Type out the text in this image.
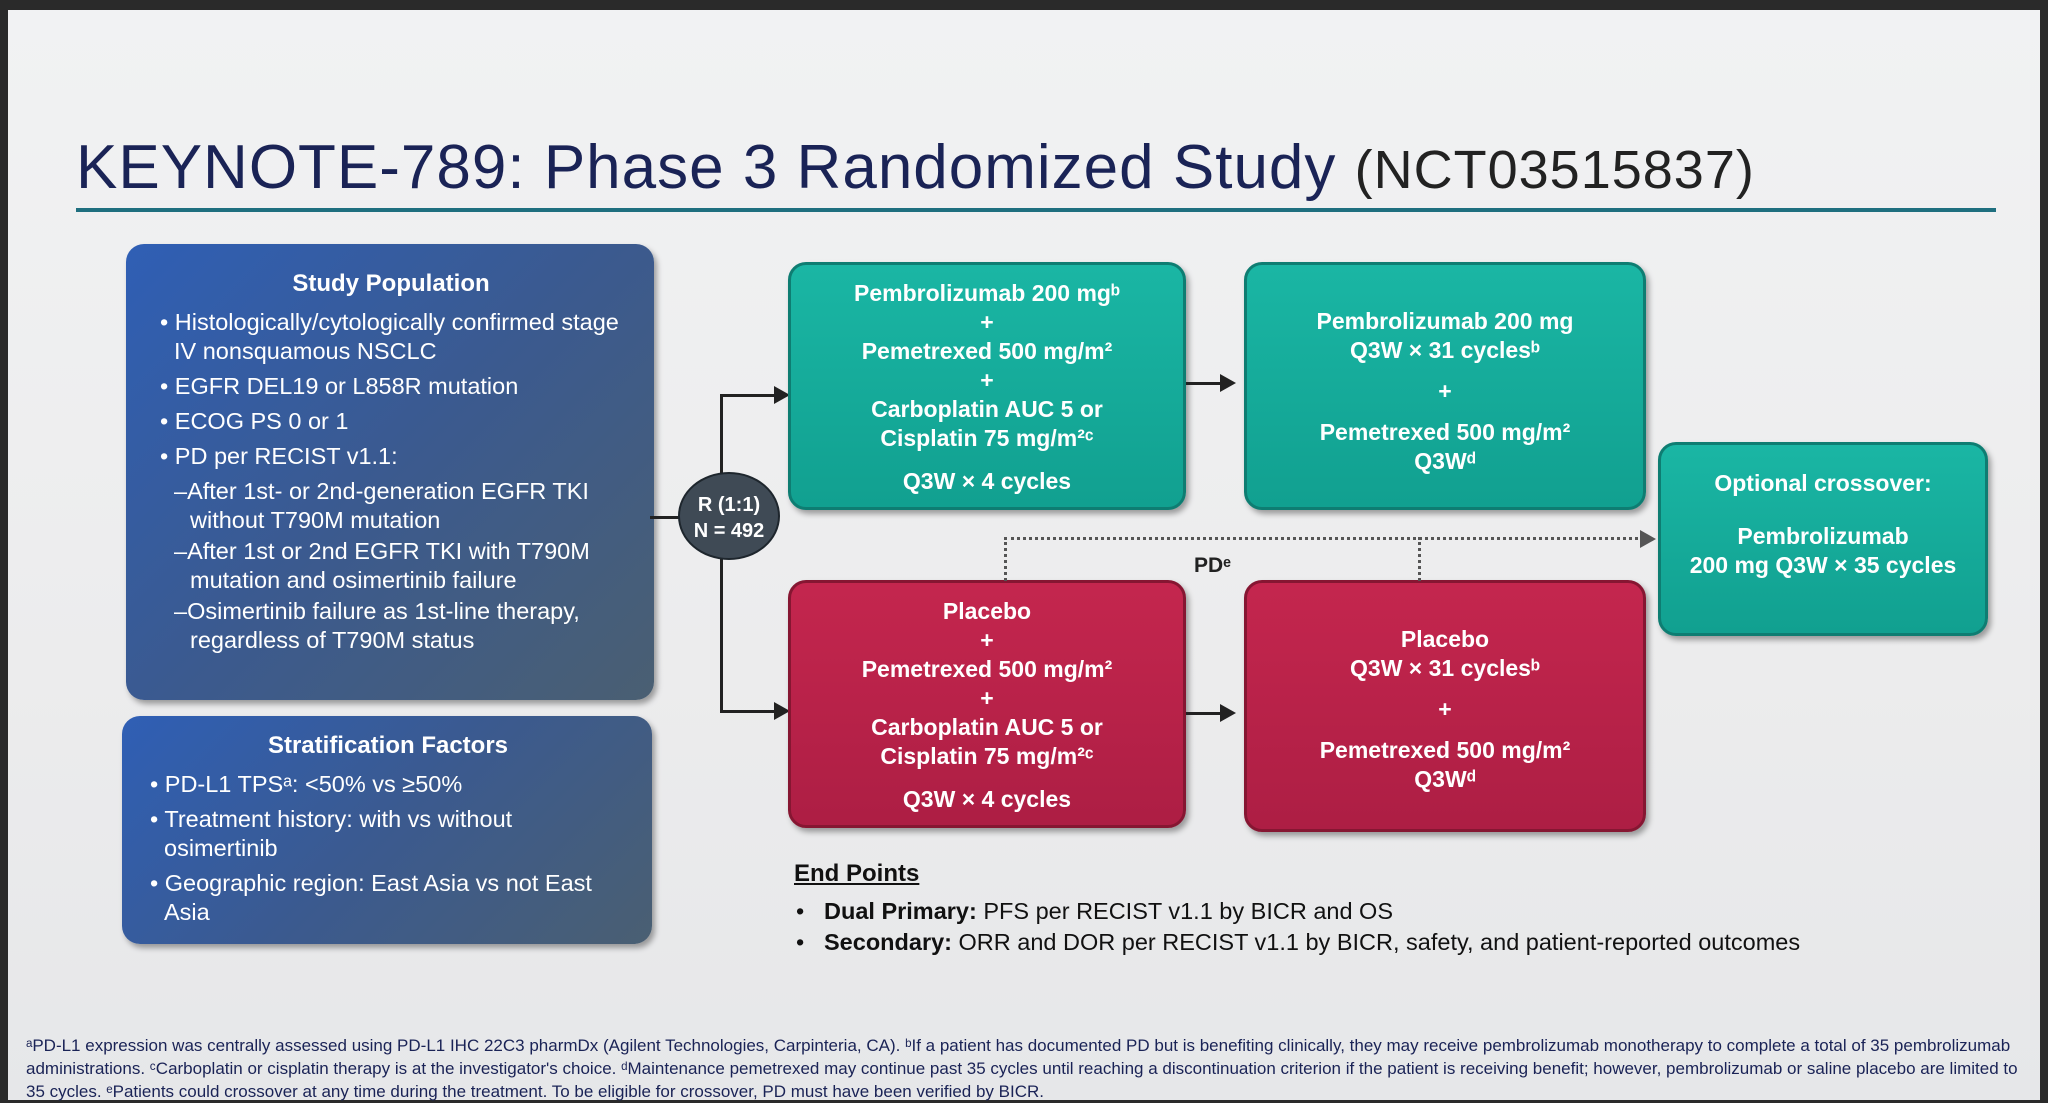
KEYNOTE-789: Phase 3 Randomized Study (NCT03515837)
Study Population
• Histologically/cytologically confirmed stage IV nonsquamous NSCLC
• EGFR DEL19 or L858R mutation
• ECOG PS 0 or 1
• PD per RECIST v1.1:
–After 1st- or 2nd-generation EGFR TKI without T790M mutation
–After 1st or 2nd EGFR TKI with T790M mutation and osimertinib failure
–Osimertinib failure as 1st-line therapy, regardless of T790M status
Stratification Factors
• PD-L1 TPSᵃ: <50% vs ≥50%
• Treatment history: with vs without osimertinib
• Geographic region: East Asia vs not East Asia
R (1:1)
N = 492
Pembrolizumab 200 mgᵇ
+
Pemetrexed 500 mg/m²
+
Carboplatin AUC 5 or
Cisplatin 75 mg/m²ᶜ
Q3W × 4 cycles
Pembrolizumab 200 mg
Q3W × 31 cyclesᵇ
+
Pemetrexed 500 mg/m²
Q3Wᵈ
Placebo
+
Pemetrexed 500 mg/m²
+
Carboplatin AUC 5 or
Cisplatin 75 mg/m²ᶜ
Q3W × 4 cycles
Placebo
Q3W × 31 cyclesᵇ
+
Pemetrexed 500 mg/m²
Q3Wᵈ
PDᵉ
Optional crossover:
Pembrolizumab
200 mg Q3W × 35 cycles
End Points
• Dual Primary: PFS per RECIST v1.1 by BICR and OS
• Secondary: ORR and DOR per RECIST v1.1 by BICR, safety, and patient-reported outcomes
ᵃPD-L1 expression was centrally assessed using PD-L1 IHC 22C3 pharmDx (Agilent Technologies, Carpinteria, CA). ᵇIf a patient has documented PD but is benefiting clinically, they may receive pembrolizumab monotherapy to complete a total of 35 pembrolizumab administrations. ᶜCarboplatin or cisplatin therapy is at the investigator's choice. ᵈMaintenance pemetrexed may continue past 35 cycles until reaching a discontinuation criterion if the patient is receiving benefit; however, pembrolizumab or saline placebo are limited to 35 cycles. ᵉPatients could crossover at any time during the treatment. To be eligible for crossover, PD must have been verified by BICR.
